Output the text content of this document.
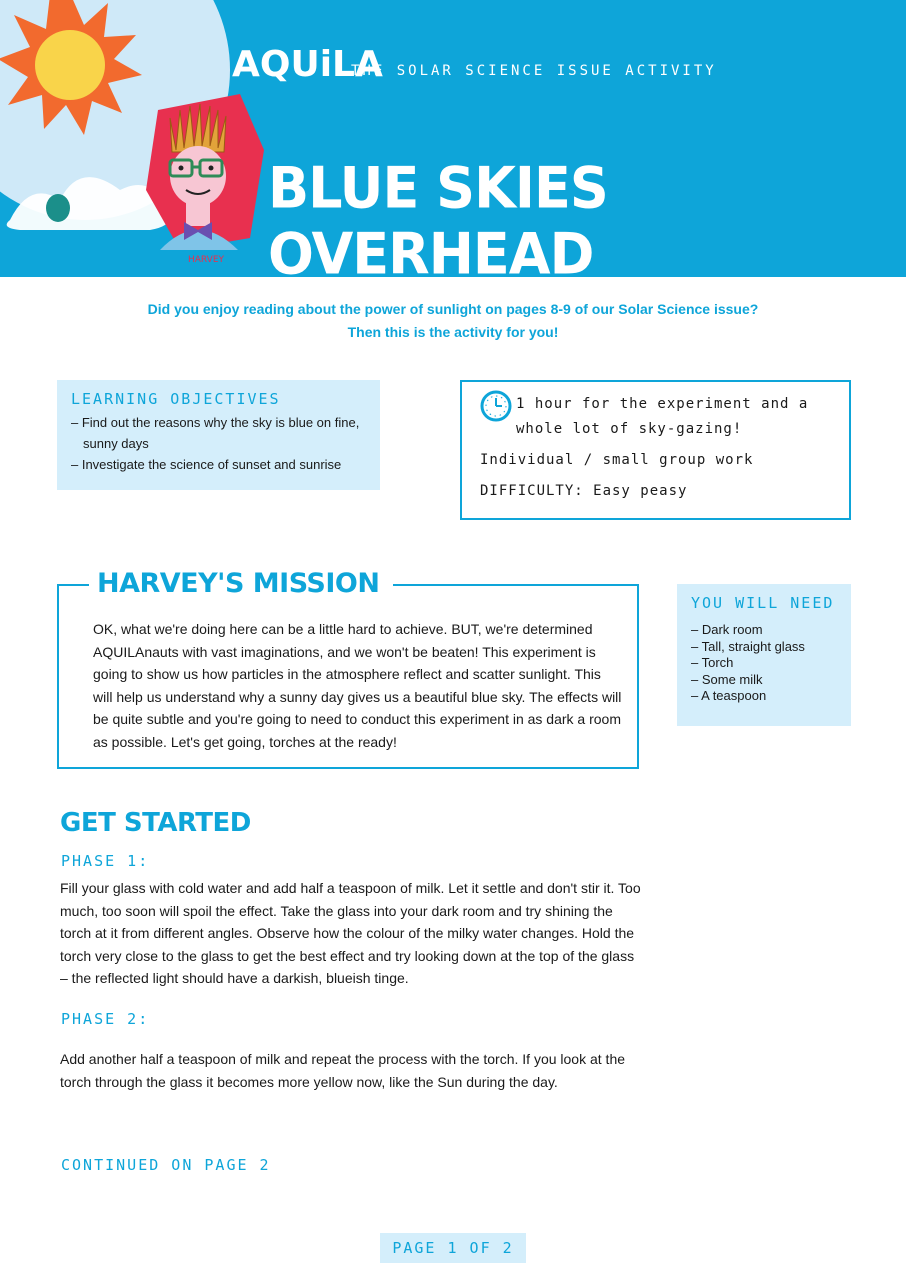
HARVEY
AQUiLA
THE SOLAR SCIENCE ISSUE ACTIVITY
BLUE SKIES OVERHEAD
Did you enjoy reading about the power of sunlight on pages 8-9 of our Solar Science issue?
Then this is the activity for you!
LEARNING OBJECTIVES
– Find out the reasons why the sky is blue on fine, sunny days
– Investigate the science of sunset and sunrise
1 hour for the experiment and a whole lot of sky-gazing!
Individual / small group work
DIFFICULTY: Easy peasy
HARVEY'S MISSION

OK, what we're doing here can be a little hard to achieve. BUT, we're determined AQUILAnauts with vast imaginations, and we won't be beaten! This experiment is going to show us how particles in the atmosphere reflect and scatter sunlight. This will help us understand why a sunny day gives us a beautiful blue sky. The effects will be quite subtle and you're going to need to conduct this experiment in as dark a room as possible. Let's get going, torches at the ready!

YOU WILL NEED
– Dark room
– Tall, straight glass
– Torch
– Some milk
– A teaspoon
GET STARTED
PHASE 1:
Fill your glass with cold water and add half a teaspoon of milk. Let it settle and don't stir it. Too much, too soon will spoil the effect. Take the glass into your dark room and try shining the torch at it from different angles. Observe how the colour of the milky water changes. Hold the torch very close to the glass to get the best effect and try looking down at the top of the glass – the reflected light should have a darkish, blueish tinge.
PHASE 2:
Add another half a teaspoon of milk and repeat the process with the torch. If you look at the torch through the glass it becomes more yellow now, like the Sun during the day.
CONTINUED ON PAGE 2
PAGE 1 OF 2
